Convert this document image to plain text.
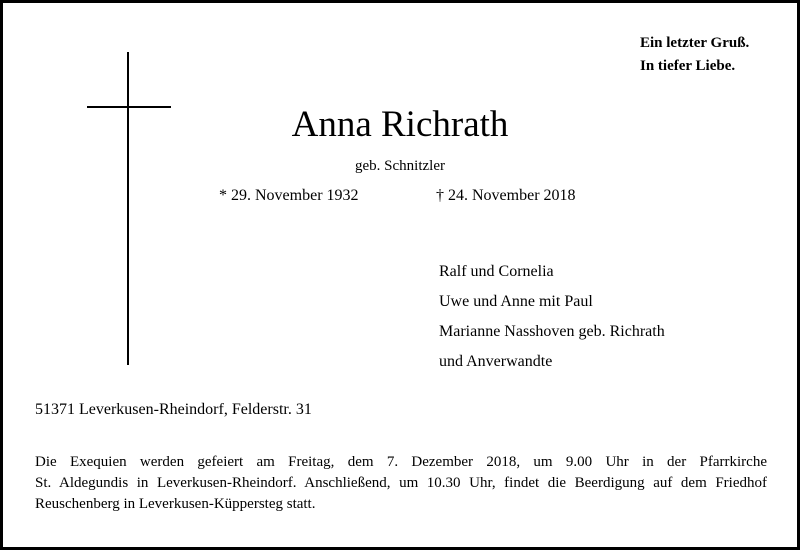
Ein letzter Gruß.
In tiefer Liebe.
Anna Richrath
geb. Schnitzler
* 29. November 1932	† 24. November 2018
Ralf und Cornelia
Uwe und Anne mit Paul
Marianne Nasshoven geb. Richrath
und Anverwandte
51371 Leverkusen-Rheindorf, Felderstr. 31
Die Exequien werden gefeiert am Freitag, dem 7. Dezember 2018, um 9.00 Uhr in der Pfarrkirche
St. Aldegundis in Leverkusen-Rheindorf. Anschließend, um 10.30 Uhr, findet die Beerdigung auf dem Friedhof
Reuschenberg in Leverkusen-Küppersteg statt.
